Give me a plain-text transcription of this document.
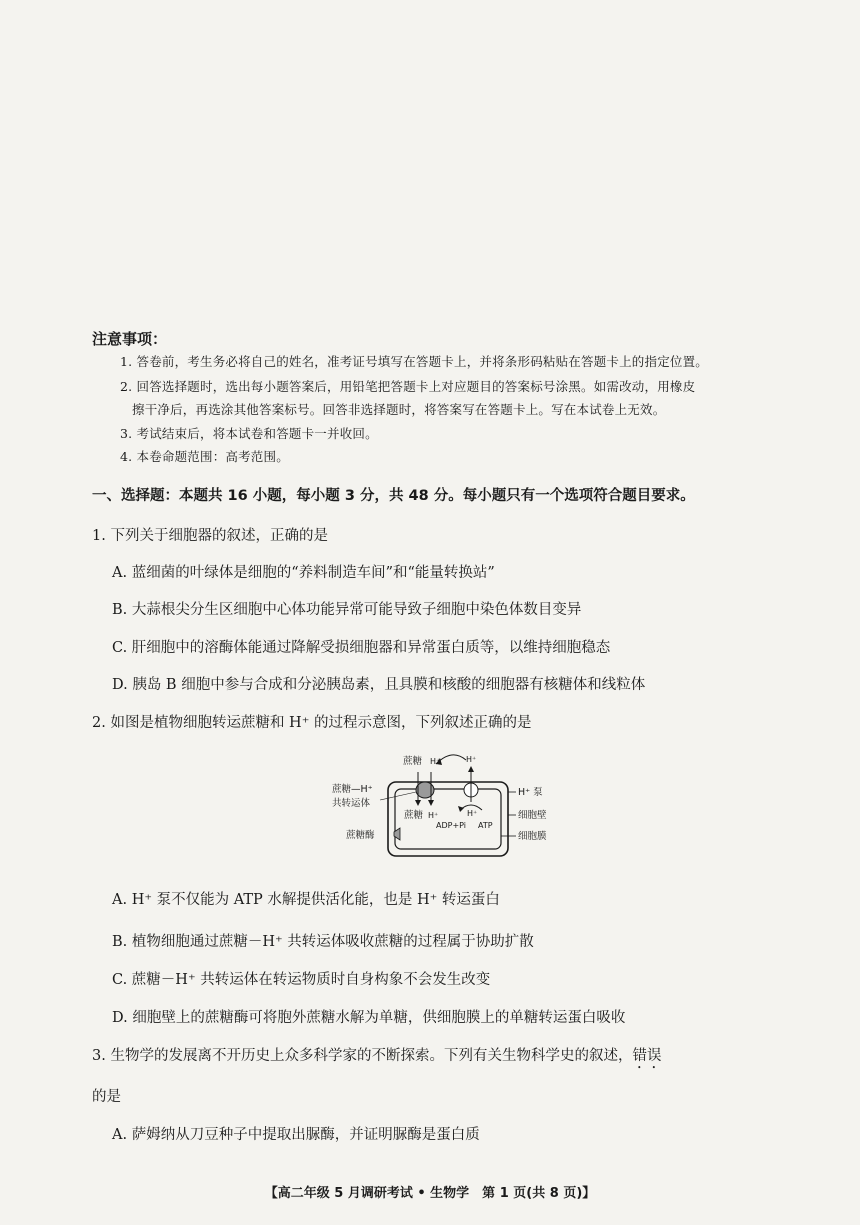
注意事项：
1. 答卷前，考生务必将自己的姓名，准考证号填写在答题卡上，并将条形码粘贴在答题卡上的指定位置。
2. 回答选择题时，选出每小题答案后，用铅笔把答题卡上对应题目的答案标号涂黑。如需改动，用橡皮
擦干净后，再选涂其他答案标号。回答非选择题时，将答案写在答题卡上。写在本试卷上无效。
3. 考试结束后，将本试卷和答题卡一并收回。
4. 本卷命题范围：高考范围。
一、选择题：本题共 16 小题，每小题 3 分，共 48 分。每小题只有一个选项符合题目要求。
1. 下列关于细胞器的叙述，正确的是
A. 蓝细菌的叶绿体是细胞的“养料制造车间”和“能量转换站”
B. 大蒜根尖分生区细胞中心体功能异常可能导致子细胞中染色体数目变异
C. 肝细胞中的溶酶体能通过降解受损细胞器和异常蛋白质等，以维持细胞稳态
D. 胰岛 B 细胞中参与合成和分泌胰岛素，且具膜和核酸的细胞器有核糖体和线粒体
2. 如图是植物细胞转运蔗糖和 H⁺ 的过程示意图，下列叙述正确的是
蔗糖 H⁺	H⁺
蔗糖—H⁺
共转运体
蔗糖 H⁺	H⁺
ADP+Pi ATP
H⁺ 泵
细胞壁
细胞膜
蔗糖酶
A. H⁺ 泵不仅能为 ATP 水解提供活化能，也是 H⁺ 转运蛋白
B. 植物细胞通过蔗糖－H⁺ 共转运体吸收蔗糖的过程属于协助扩散
C. 蔗糖－H⁺ 共转运体在转运物质时自身构象不会发生改变
D. 细胞壁上的蔗糖酶可将胞外蔗糖水解为单糖，供细胞膜上的单糖转运蛋白吸收
3. 生物学的发展离不开历史上众多科学家的不断探索。下列有关生物科学史的叙述，错误
的是
A. 萨姆纳从刀豆种子中提取出脲酶，并证明脲酶是蛋白质
【高二年级 5 月调研考试 • 生物学　第 1 页(共 8 页)】
